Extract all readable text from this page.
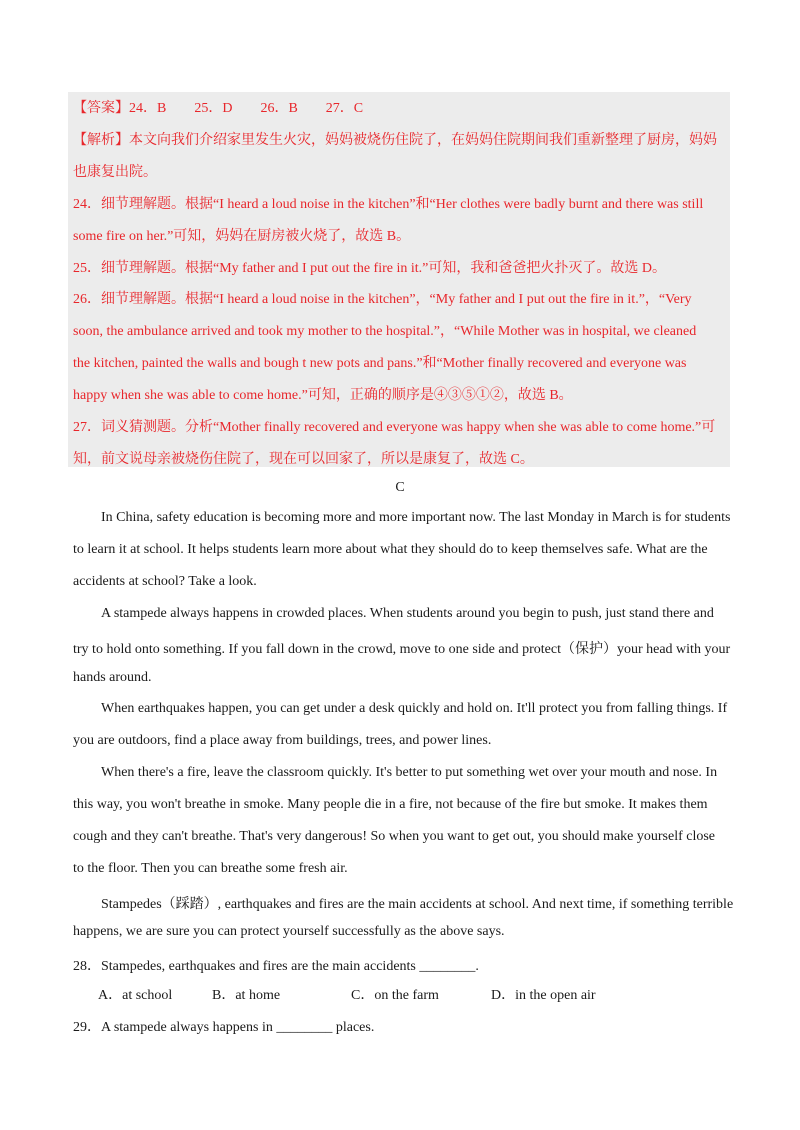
【答案】24．B　　25．D　　26．B　　27．C
【解析】本文向我们介绍家里发生火灾，妈妈被烧伤住院了，在妈妈住院期间我们重新整理了厨房，妈妈
也康复出院。
24．细节理解题。根据“I heard a loud noise in the kitchen”和“Her clothes were badly burnt and there was still
some fire on her.”可知，妈妈在厨房被火烧了，故选 B。
25．细节理解题。根据“My father and I put out the fire in it.”可知，我和爸爸把火扑灭了。故选 D。
26．细节理解题。根据“I heard a loud noise in the kitchen”，“My father and I put out the fire in it.”，“Very
soon, the ambulance arrived and took my mother to the hospital.”，“While Mother was in hospital, we cleaned
the kitchen, painted the walls and bough t new pots and pans.”和“Mother finally recovered and everyone was
happy when she was able to come home.”可知，正确的顺序是④③⑤①②，故选 B。
27．词义猜测题。分析“Mother finally recovered and everyone was happy when she was able to come home.”可
知，前文说母亲被烧伤住院了，现在可以回家了，所以是康复了，故选 C。
C
In China, safety education is becoming more and more important now. The last Monday in March is for students
to learn it at school. It helps students learn more about what they should do to keep themselves safe. What are the
accidents at school? Take a look.
A stampede always happens in crowded places. When students around you begin to push, just stand there and
try to hold onto something. If you fall down in the crowd, move to one side and protect（保护）your head with your
hands around.
When earthquakes happen, you can get under a desk quickly and hold on. It'll protect you from falling things. If
you are outdoors, find a place away from buildings, trees, and power lines.
When there's a fire, leave the classroom quickly. It's better to put something wet over your mouth and nose. In
this way, you won't breathe in smoke. Many people die in a fire, not because of the fire but smoke. It makes them
cough and they can't breathe. That's very dangerous! So when you want to get out, you should make yourself close
to the floor. Then you can breathe some fresh air.
Stampedes（踩踏）, earthquakes and fires are the main accidents at school. And next time, if something terrible
happens, we are sure you can protect yourself successfully as the above says.
28．Stampedes, earthquakes and fires are the main accidents ________.
A．at school	B．at home	C．on the farm	D．in the open air
29．A stampede always happens in ________ places.
